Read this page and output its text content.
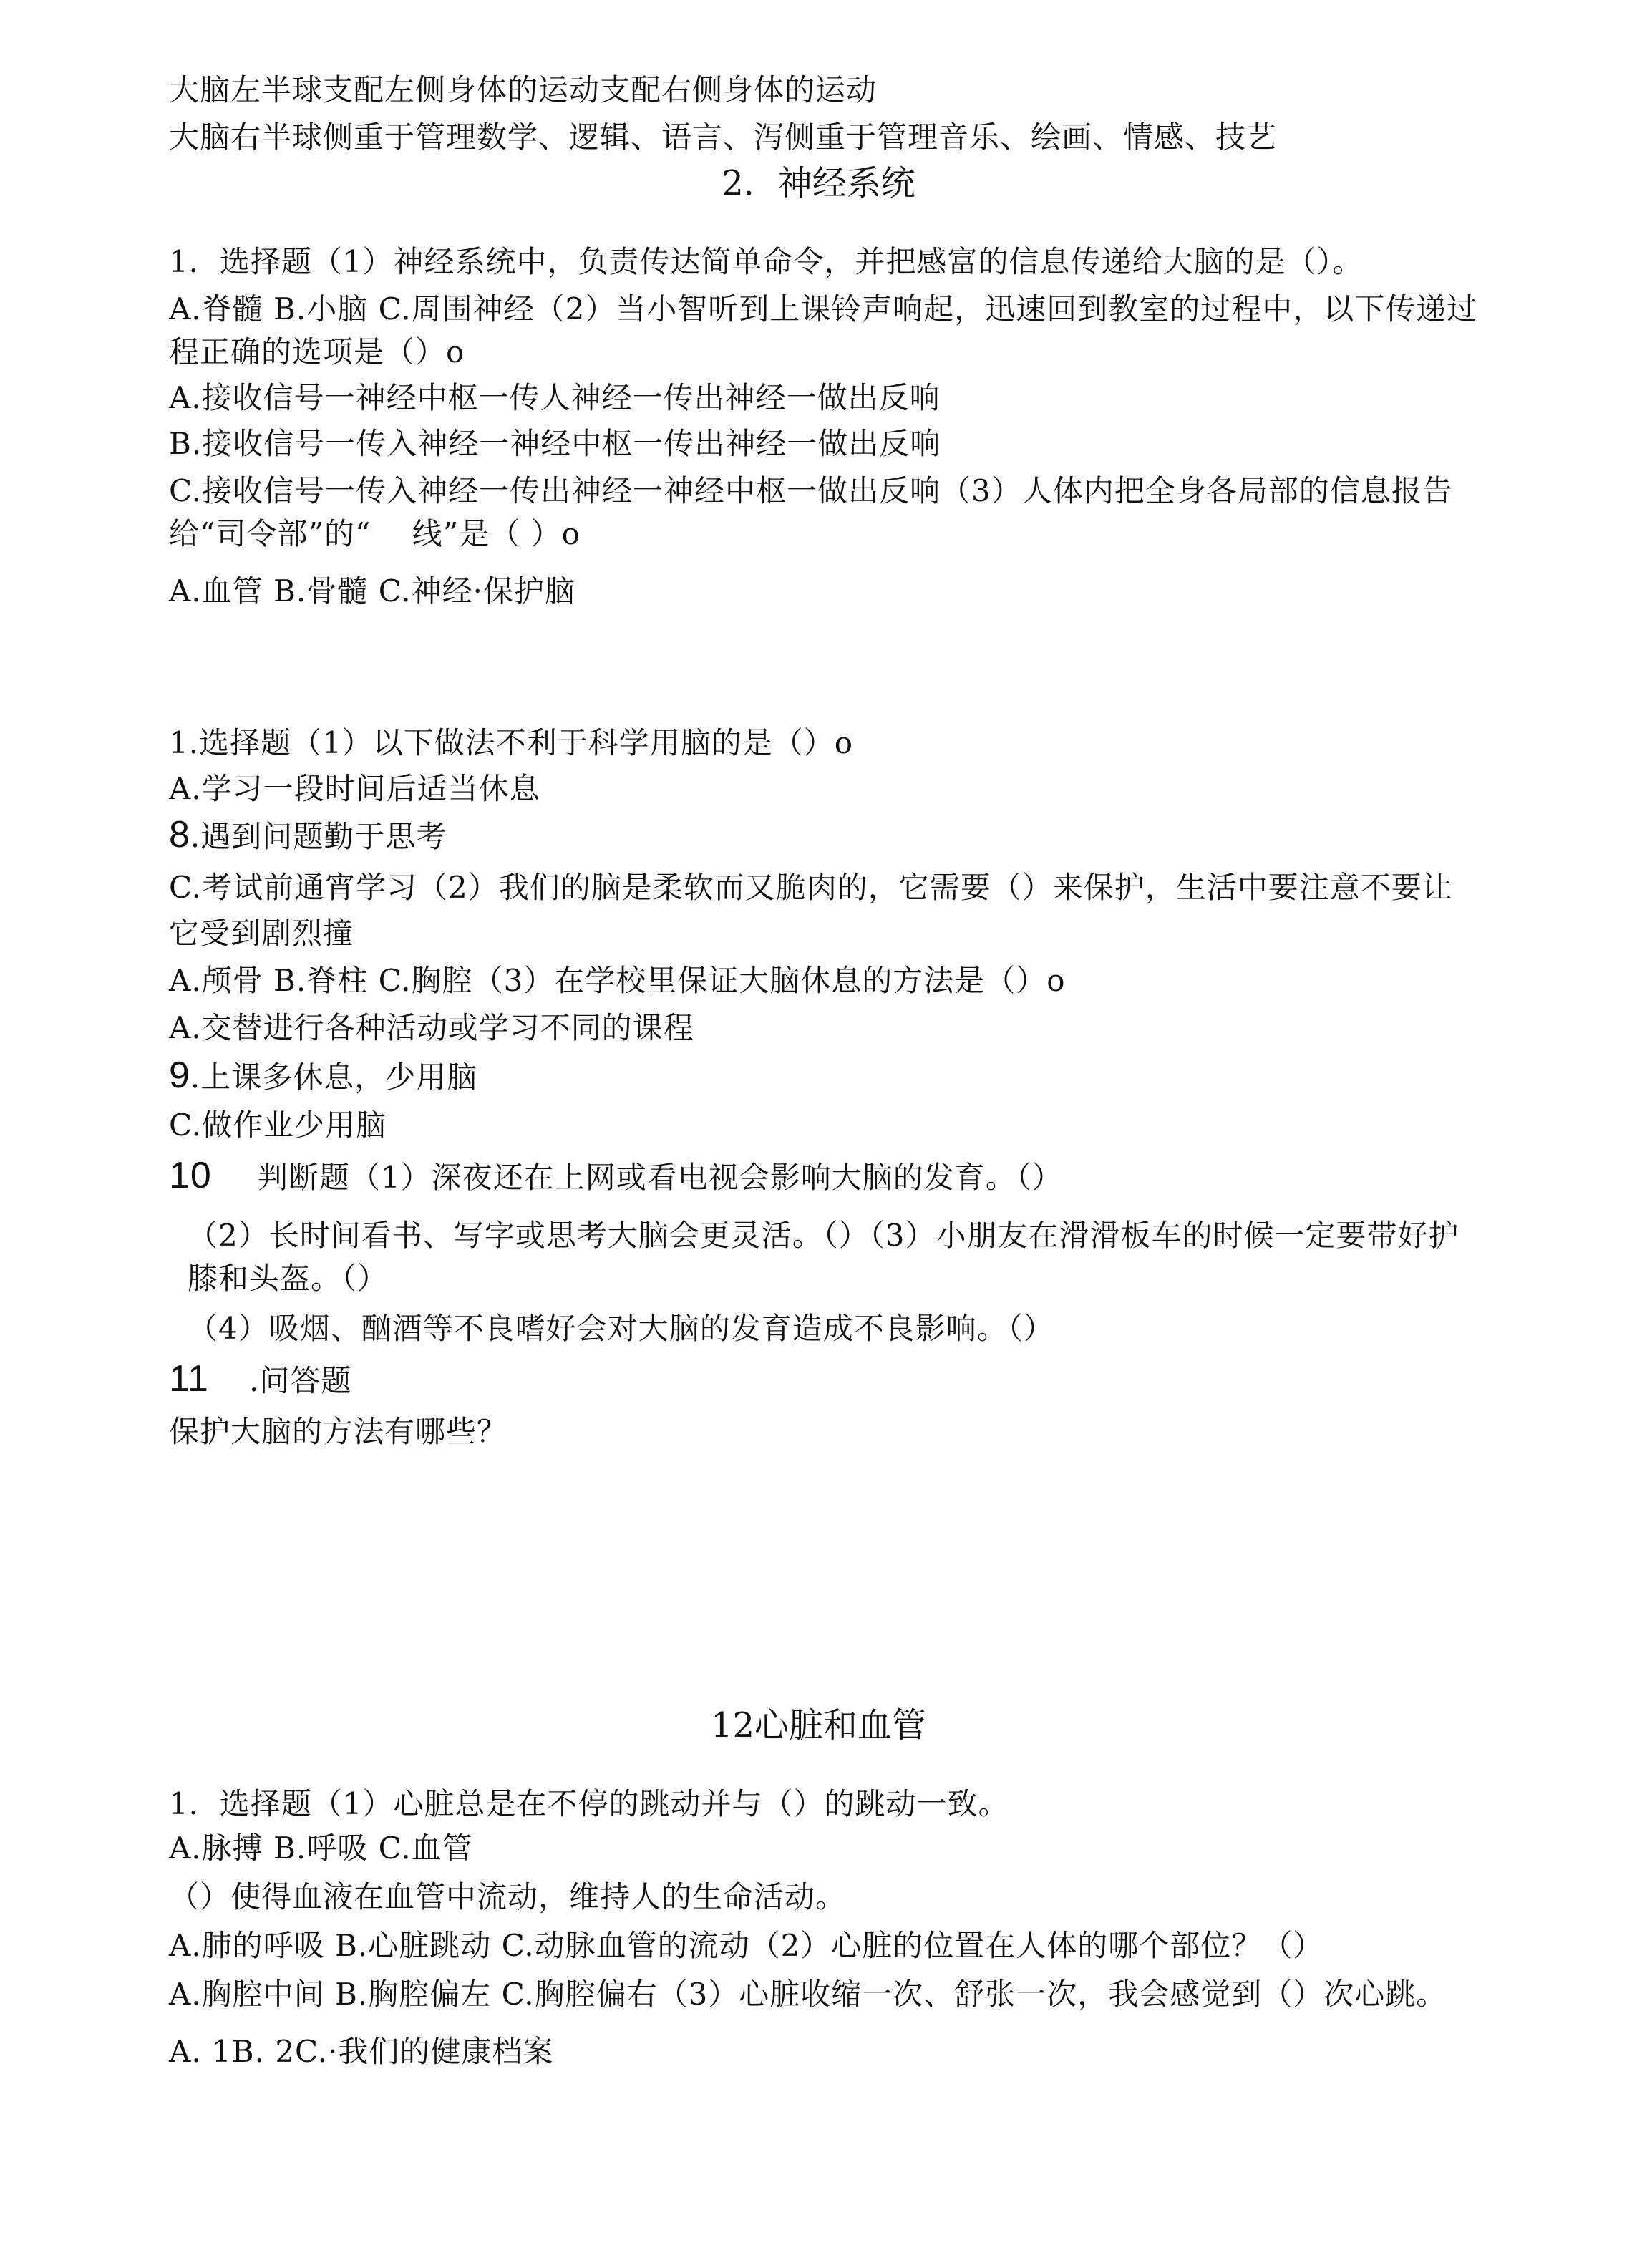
大脑左半球支配左侧身体的运动支配右侧身体的运动
大脑右半球侧重于管理数学、逻辑、语言、泻侧重于管理音乐、绘画、情感、技艺
2．神经系统
1．选择题（1）神经系统中，负责传达简单命令，并把感富的信息传递给大脑的是（）。
A.脊髓 B.小脑 C.周围神经（2）当小智听到上课铃声响起，迅速回到教室的过程中，以下传递过
程正确的选项是（）o
A.接收信号一神经中枢一传人神经一传出神经一做出反响
B.接收信号一传入神经一神经中枢一传出神经一做出反响
C.接收信号一传入神经一传出神经一神经中枢一做出反响（3）人体内把全身各局部的信息报告
给“司令部”的“　 线”是（ ）o
A.血管 B.骨髓 C.神经·保护脑
1.选择题（1）以下做法不利于科学用脑的是（）o
A.学习一段时间后适当休息
8.遇到问题勤于思考
C.考试前通宵学习（2）我们的脑是柔软而又脆肉的，它需要（）来保护，生活中要注意不要让
它受到剧烈撞
A.颅骨 B.脊柱 C.胸腔（3）在学校里保证大脑休息的方法是（）o
A.交替进行各种活动或学习不同的课程
9.上课多休息，少用脑
C.做作业少用脑
10 判断题（1）深夜还在上网或看电视会影响大脑的发育。（）
（2）长时间看书、写字或思考大脑会更灵活。（）（3）小朋友在滑滑板车的时候一定要带好护
膝和头盔。（）
（4）吸烟、酗酒等不良嗜好会对大脑的发育造成不良影响。（）
11 .问答题
保护大脑的方法有哪些？
12心脏和血管
1．选择题（1）心脏总是在不停的跳动并与（）的跳动一致。
A.脉搏 B.呼吸 C.血管
（）使得血液在血管中流动，维持人的生命活动。
A.肺的呼吸 B.心脏跳动 C.动脉血管的流动（2）心脏的位置在人体的哪个部位？（）
A.胸腔中间 B.胸腔偏左 C.胸腔偏右（3）心脏收缩一次、舒张一次，我会感觉到（）次心跳。
A. 1B. 2C.·我们的健康档案
